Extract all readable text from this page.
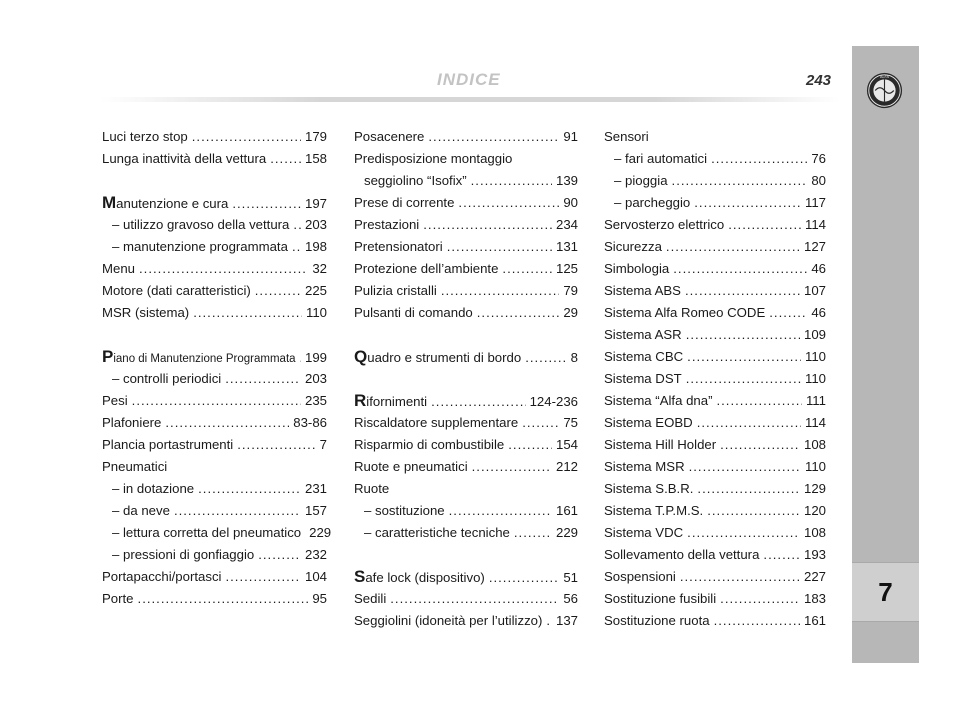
INDICE	243	ALFA
7
Luci terzo stop .....	179
Lunga inattività della vettura .....	158
Manutenzione e cura .....	197
– utilizzo gravoso della vettura ..... 203
– manutenzione programmata ..... 198
Menu .....	32
Motore (dati caratteristici) .....	225
MSR (sistema) .....	110
Piano di Manutenzione Programmata ..... 199
– controlli periodici .....	203
Pesi .....	235
Plafoniere .....	83-86
Plancia portastrumenti .....	7
Pneumatici
– in dotazione .....	231
– da neve .....	157
– lettura corretta del pneumatico 229
– pressioni di gonfiaggio .....	232
Portapacchi/portasci .....	104
Porte .....	95
Posacenere .....	91
Predisposizione montaggio
seggiolino “Isofix” .....	139
Prese di corrente .....	90
Prestazioni .....	234
Pretensionatori .....	131
Protezione dell’ambiente .....	125
Pulizia cristalli .....	79
Pulsanti di comando .....	29
Quadro e strumenti di bordo .....	8
Rifornimenti .....	124-236
Riscaldatore supplementare .....	75
Risparmio di combustibile .....	154
Ruote e pneumatici .....	212
Ruote
– sostituzione .....	161
– caratteristiche tecniche .....	229
Safe lock (dispositivo) .....	51
Sedili .....	56
Seggiolini (idoneità per l’utilizzo) ..... 137
Sensori
– fari automatici .....	76
– pioggia .....	80
– parcheggio .....	117
Servosterzo elettrico .....	114
Sicurezza .....	127
Simbologia .....	46
Sistema ABS .....	107
Sistema Alfa Romeo CODE .....	46
Sistema ASR .....	109
Sistema CBC .....	110
Sistema DST .....	110
Sistema “Alfa dna” .....	111
Sistema EOBD .....	114
Sistema Hill Holder .....	108
Sistema MSR .....	110
Sistema S.B.R. .....	129
Sistema T.P.M.S. .....	120
Sistema VDC .....	108
Sollevamento della vettura .....	193
Sospensioni .....	227
Sostituzione fusibili .....	183
Sostituzione ruota .....	161
